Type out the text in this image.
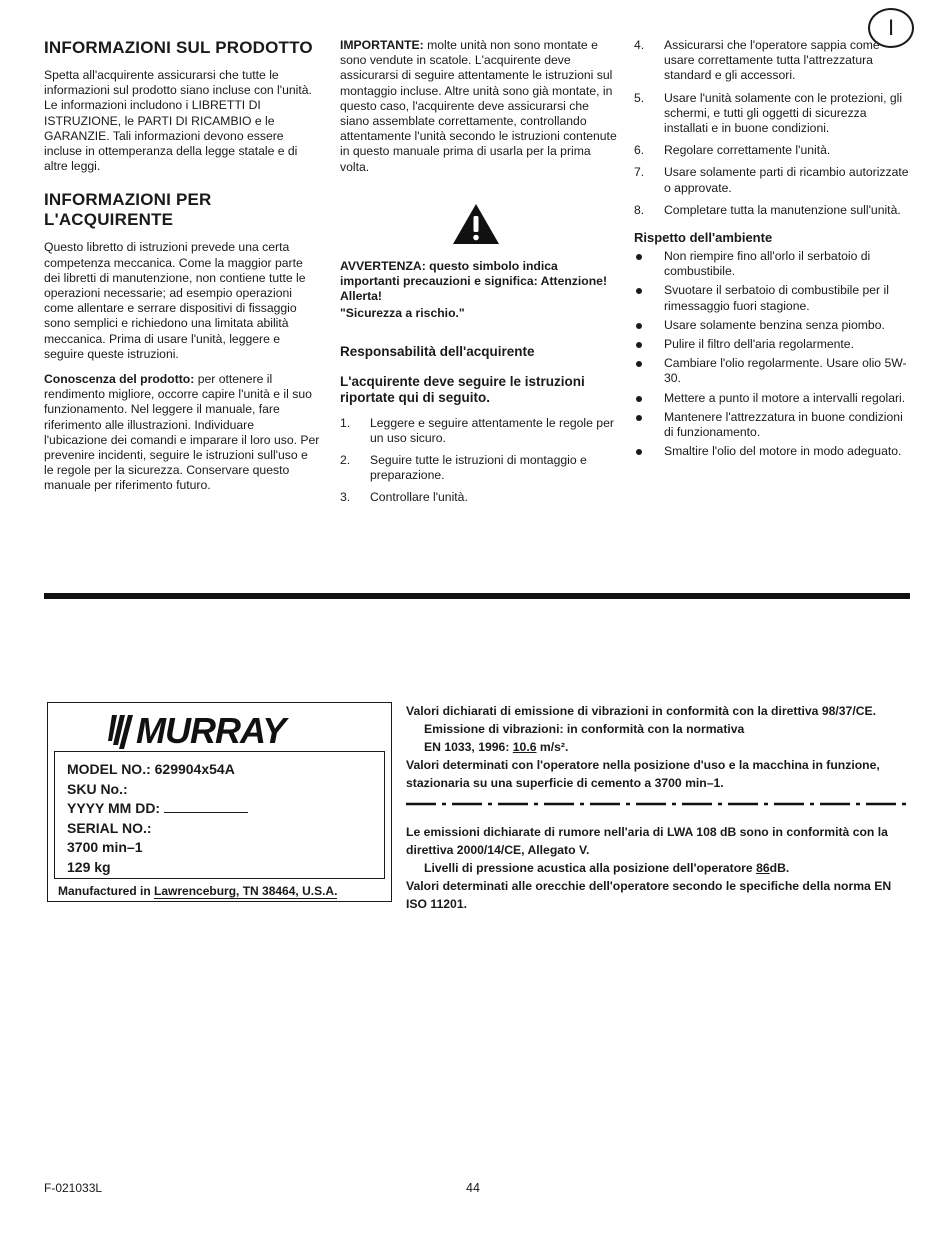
I
INFORMAZIONI SUL PRODOTTO

Spetta all'acquirente assicurarsi che tutte le informazioni sul prodotto siano incluse con l'unità. Le informazioni includono i LIBRETTI DI ISTRUZIONE, le PARTI DI RICAMBIO e le GARANZIE. Tali informazioni devono essere incluse in ottemperanza della legge statale e di altre leggi.

INFORMAZIONI PER L'ACQUIRENTE

Questo libretto di istruzioni prevede una certa competenza meccanica. Come la maggior parte dei libretti di manutenzione, non contiene tutte le operazioni necessarie; ad esempio operazioni come allentare e serrare dispositivi di fissaggio sono semplici e richiedono una limitata abilità meccanica. Prima di usare l'unità, leggere e seguire queste istruzioni.

Conoscenza del prodotto: per ottenere il rendimento migliore, occorre capire l'unità e il suo funzionamento. Nel leggere il manuale, fare riferimento alle illustrazioni. Individuare l'ubicazione dei comandi e imparare il loro uso. Per prevenire incidenti, seguire le istruzioni sull'uso e le regole per la sicurezza. Conservare questo manuale per riferimento futuro.

IMPORTANTE: molte unità non sono montate e sono vendute in scatole. L'acquirente deve assicurarsi di seguire attentamente le istruzioni sul montaggio incluse. Altre unità sono già montate, in questo caso, l'acquirente deve assicurarsi che siano assemblate correttamente, controllando attentamente l'unità secondo le istruzioni contenute in questo manuale prima di usarla per la prima volta.

AVVERTENZA: questo simbolo indica importanti precauzioni e significa: Attenzione! Allerta!

"Sicurezza a rischio."

Responsabilità dell'acquirente
L'acquirente deve seguire le istruzioni riportate qui di seguito.
1. Leggere e seguire attentamente le regole per un uso sicuro.
2. Seguire tutte le istruzioni di montaggio e preparazione.
3. Controllare l'unità.
4. Assicurarsi che l'operatore sappia come usare correttamente tutta l'attrezzatura standard e gli accessori.
5. Usare l'unità solamente con le protezioni, gli schermi, e tutti gli oggetti di sicurezza installati e in buone condizioni.
6. Regolare correttamente l'unità.
7. Usare solamente parti di ricambio autorizzate o approvate.
8. Completare tutta la manutenzione sull'unità.
Rispetto dell'ambiente
Non riempire fino all'orlo il serbatoio di combustibile.
Svuotare il serbatoio di combustibile per il rimessaggio fuori stagione.
Usare solamente benzina senza piombo.
Pulire il filtro dell'aria regolarmente.
Cambiare l'olio regolarmente. Usare olio 5W-30.
Mettere a punto il motore a intervalli regolari.
Mantenere l'attrezzatura in buone condizioni di funzionamento.
Smaltire l'olio del motore in modo adeguato.
MURRAY
MODEL NO.: 629904x54A
SKU No.:
YYYY MM DD:
SERIAL NO.:
3700 min–1
129 kg
Manufactured in Lawrenceburg, TN 38464, U.S.A.
Valori dichiarati di emissione di vibrazioni in conformità con la direttiva 98/37/CE.
Emissione di vibrazioni: in conformità con la normativa
EN 1033, 1996: 10.6 m/s².
Valori determinati con l'operatore nella posizione d'uso e la macchina in funzione, stazionaria su una superficie di cemento a 3700 min–1.
Le emissioni dichiarate di rumore nell'aria di LWA 108 dB sono in conformità con la direttiva 2000/14/CE, Allegato V.
Livelli di pressione acustica alla posizione dell'operatore 86dB.
Valori determinati alle orecchie dell'operatore secondo le specifiche della norma EN ISO 11201.
F-021033L	44
